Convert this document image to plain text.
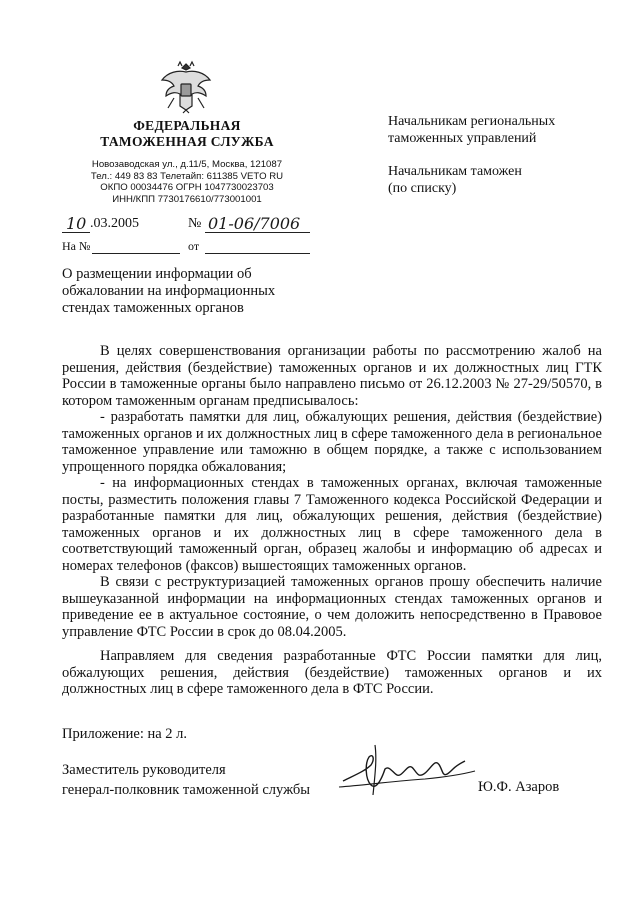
ФЕДЕРАЛЬНАЯ
ТАМОЖЕННАЯ СЛУЖБА
Новозаводская ул., д.11/5, Москва, 121087
Тел.: 449 83 83 Телетайп: 611385 VETO RU
ОКПО 00034476 ОГРН 1047730023703
ИНН/КПП 7730176610/773001001
10 .03.2005	№ 01-06/7006
На №	от
Начальникам региональных
таможенных управлений
Начальникам таможен
(по списку)
О размещении информации об
обжаловании на информационных
стендах таможенных органов

В целях совершенствования организации работы по рассмотрению жалоб на решения, действия (бездействие) таможенных органов и их должностных лиц ГТК России в таможенные органы было направлено письмо от 26.12.2003 № 27-29/50570, в котором таможенным органам предписывалось:

- разработать памятки для лиц, обжалующих решения, действия (бездействие) таможенных органов и их должностных лиц в сфере таможенного дела в региональное таможенное управление или таможню в общем порядке, а также с использованием упрощенного порядка обжалования;

- на информационных стендах в таможенных органах, включая таможенные посты, разместить положения главы 7 Таможенного кодекса Российской Федерации и разработанные памятки для лиц, обжалующих решения, действия (бездействие) таможенных органов и их должностных лиц в сфере таможенного дела в соответствующий таможенный орган, образец жалобы и информацию об адресах и номерах телефонов (факсов) вышестоящих таможенных органов.

В связи с реструктуризацией таможенных органов прошу обеспечить наличие вышеуказанной информации на информационных стендах таможенных органов и приведение ее в актуальное состояние, о чем доложить непосредственно в Правовое управление ФТС России в срок до 08.04.2005.

Направляем для сведения разработанные ФТС России памятки для лиц, обжалующих решения, действия (бездействие) таможенных органов и их должностных лиц в сфере таможенного дела в ФТС России.

Приложение: на 2 л.
Заместитель руководителя
генерал-полковник таможенной службы	Ю.Ф. Азаров
